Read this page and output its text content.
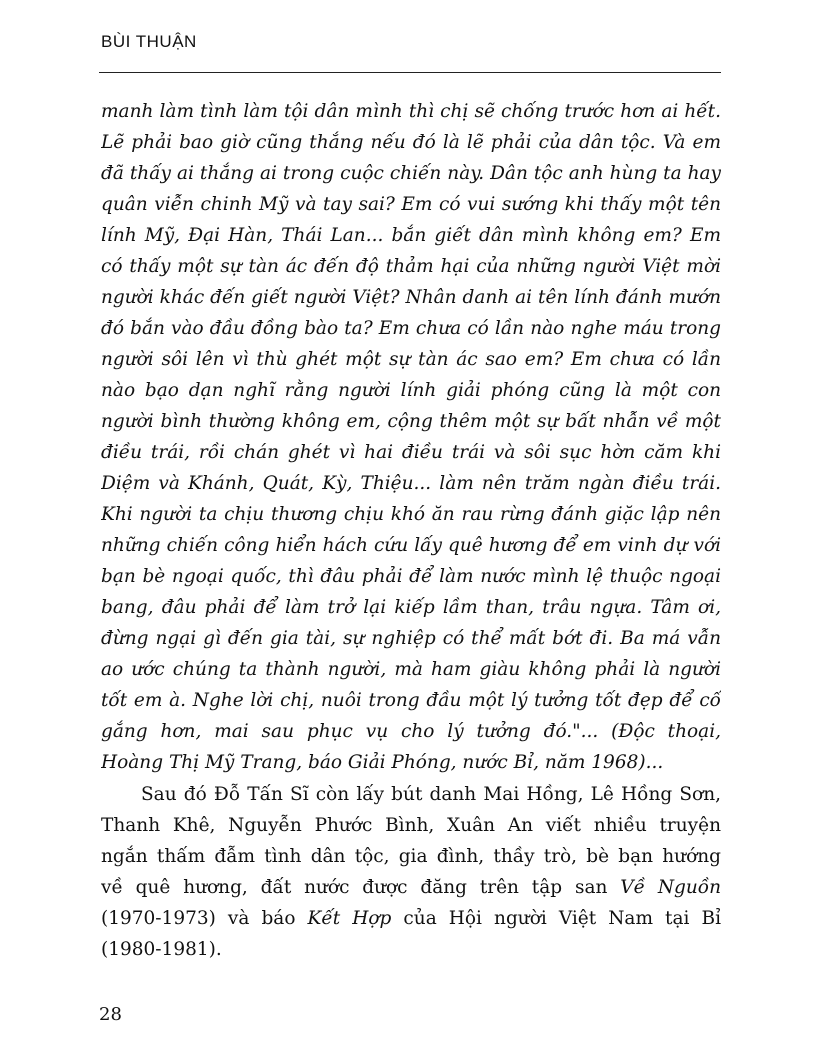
BÙI THUẬN
manh làm tình làm tội dân mình thì chị sẽ chống trước hơn ai hết.
Lẽ phải bao giờ cũng thắng nếu đó là lẽ phải của dân tộc. Và em
đã thấy ai thắng ai trong cuộc chiến này. Dân tộc anh hùng ta hay
quân viễn chinh Mỹ và tay sai? Em có vui sướng khi thấy một tên
lính Mỹ, Đại Hàn, Thái Lan... bắn giết dân mình không em? Em
có thấy một sự tàn ác đến độ thảm hại của những người Việt mời
người khác đến giết người Việt? Nhân danh ai tên lính đánh mướn
đó bắn vào đầu đồng bào ta? Em chưa có lần nào nghe máu trong
người sôi lên vì thù ghét một sự tàn ác sao em? Em chưa có lần
nào bạo dạn nghĩ rằng người lính giải phóng cũng là một con
người bình thường không em, cộng thêm một sự bất nhẫn về một
điều trái, rồi chán ghét vì hai điều trái và sôi sục hờn căm khi
Diệm và Khánh, Quát, Kỳ, Thiệu... làm nên trăm ngàn điều trái.
Khi người ta chịu thương chịu khó ăn rau rừng đánh giặc lập nên
những chiến công hiển hách cứu lấy quê hương để em vinh dự với
bạn bè ngoại quốc, thì đâu phải để làm nước mình lệ thuộc ngoại
bang, đâu phải để làm trở lại kiếp lầm than, trâu ngựa. Tâm ơi,
đừng ngại gì đến gia tài, sự nghiệp có thể mất bớt đi. Ba má vẫn
ao ước chúng ta thành người, mà ham giàu không phải là người
tốt em à. Nghe lời chị, nuôi trong đầu một lý tưởng tốt đẹp để cố
gắng hơn, mai sau phục vụ cho lý tưởng đó."... (Độc thoại,
Hoàng Thị Mỹ Trang, báo Giải Phóng, nước Bỉ, năm 1968)...
Sau đó Đỗ Tấn Sĩ còn lấy bút danh Mai Hồng, Lê Hồng Sơn,
Thanh Khê, Nguyễn Phước Bình, Xuân An viết nhiều truyện
ngắn thấm đẫm tình dân tộc, gia đình, thầy trò, bè bạn hướng
về quê hương, đất nước được đăng trên tập san Về Nguồn
(1970-1973) và báo Kết Hợp của Hội người Việt Nam tại Bỉ
(1980-1981).
28
